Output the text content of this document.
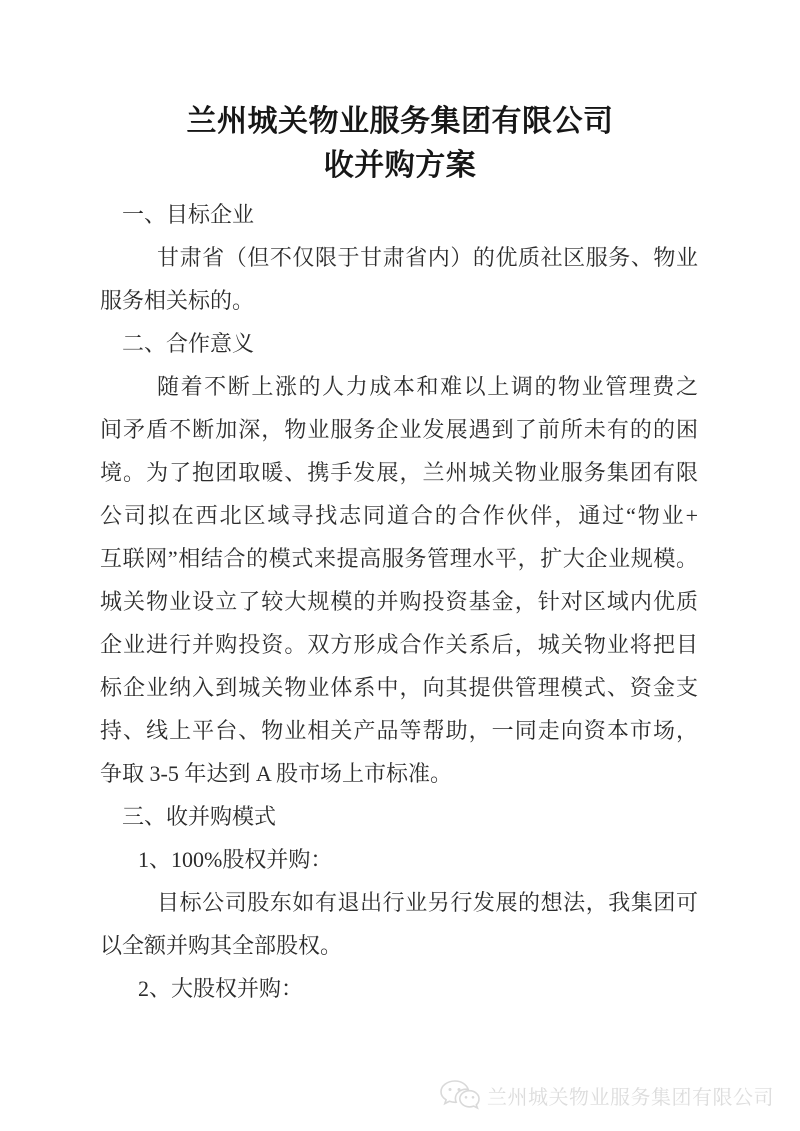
兰州城关物业服务集团有限公司
收并购方案
一、目标企业
甘肃省（但不仅限于甘肃省内）的优质社区服务、物业
服务相关标的。
二、合作意义
随着不断上涨的人力成本和难以上调的物业管理费之
间矛盾不断加深，物业服务企业发展遇到了前所未有的的困
境。为了抱团取暖、携手发展，兰州城关物业服务集团有限
公司拟在西北区域寻找志同道合的合作伙伴，通过“物业+
互联网”相结合的模式来提高服务管理水平，扩大企业规模。
城关物业设立了较大规模的并购投资基金，针对区域内优质
企业进行并购投资。双方形成合作关系后，城关物业将把目
标企业纳入到城关物业体系中，向其提供管理模式、资金支
持、线上平台、物业相关产品等帮助，一同走向资本市场，
争取 3-5 年达到 A 股市场上市标准。
三、收并购模式
1、100%股权并购：
目标公司股东如有退出行业另行发展的想法，我集团可
以全额并购其全部股权。
2、大股权并购：
兰州城关物业服务集团有限公司
